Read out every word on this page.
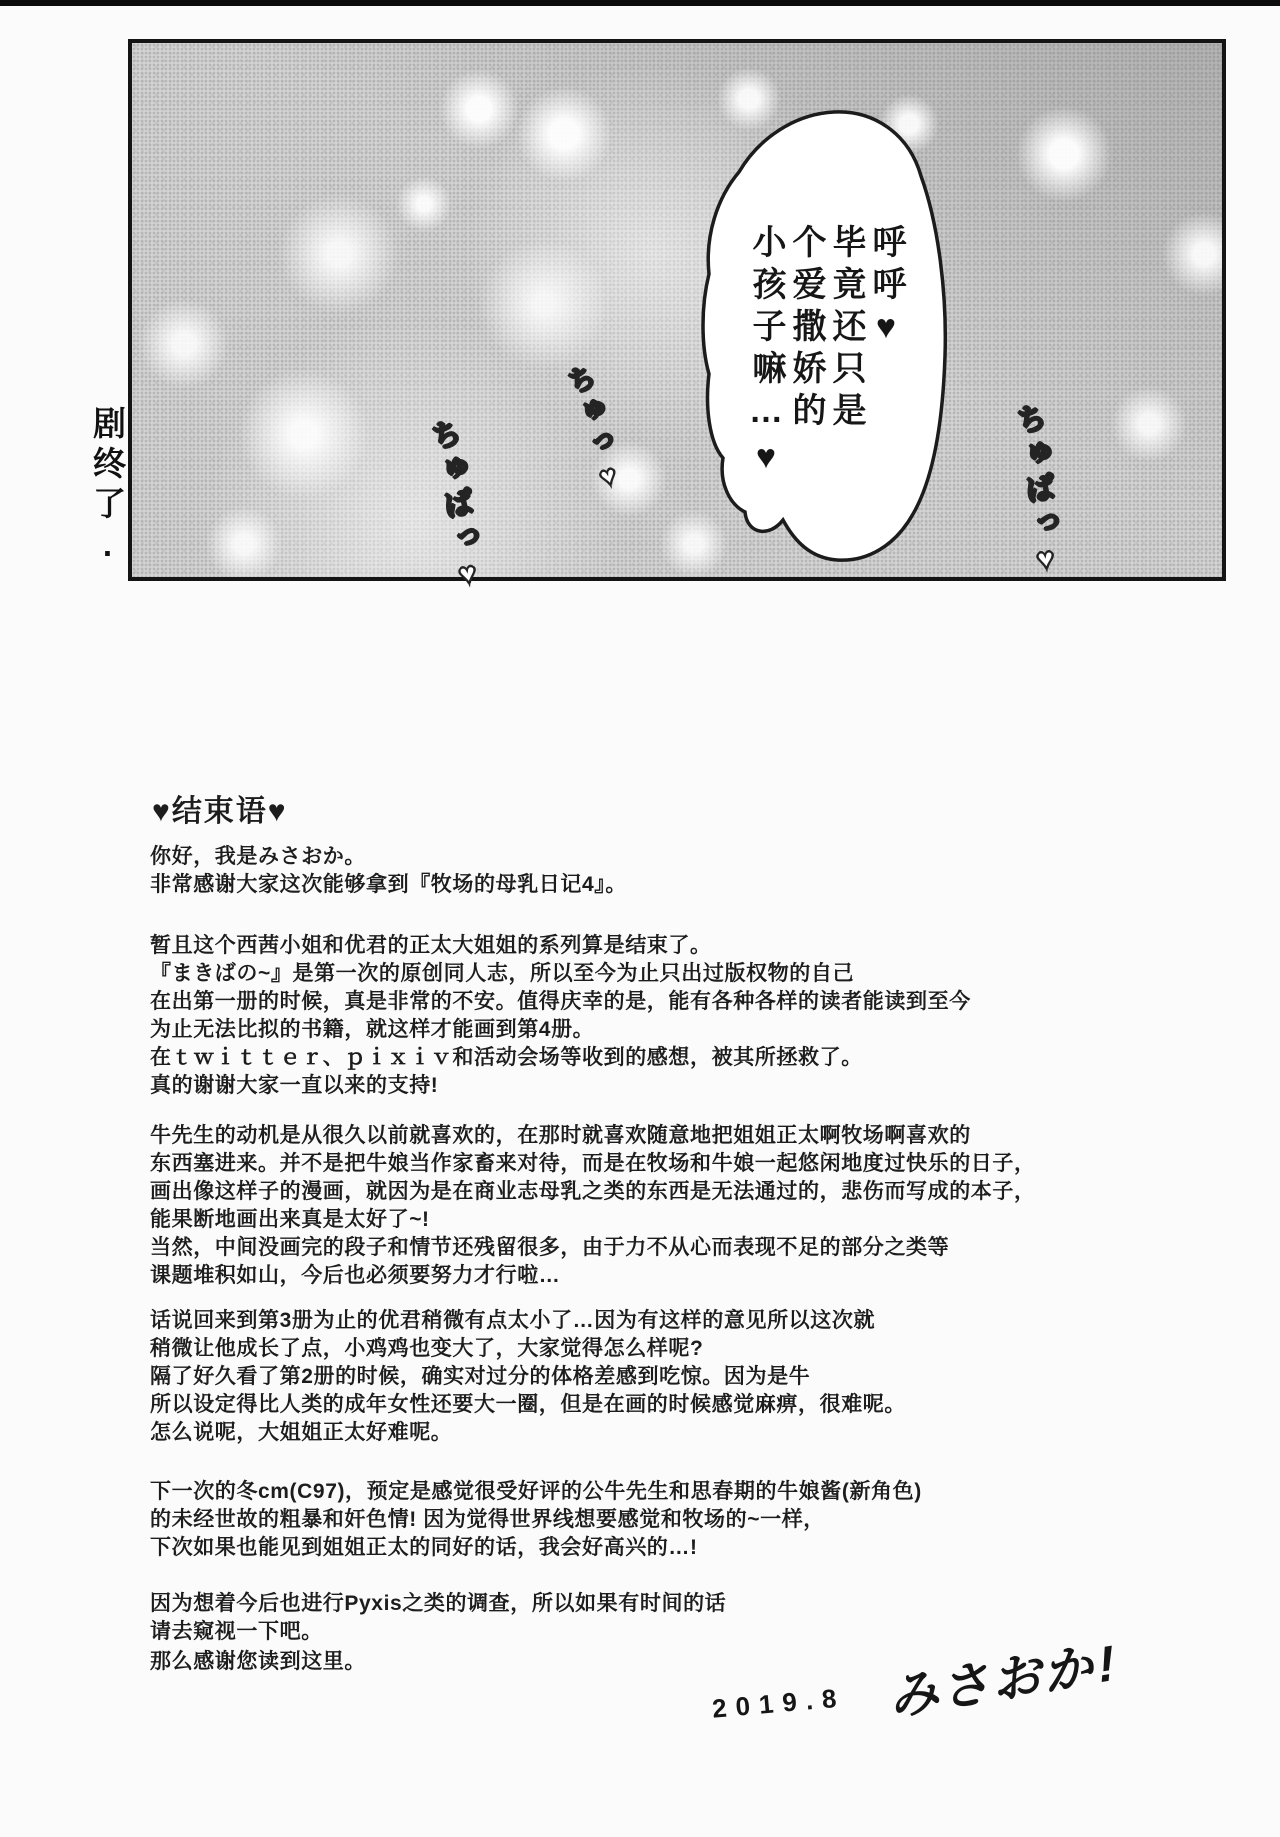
呼呼♥
毕竟还只是
个爱撒娇的
小孩子嘛…♥
ちゅっ♥
ちゅぱっ♥	ちゅぱっ♥
剧终了.
♥结束语♥
你好，我是みさおか。
非常感谢大家这次能够拿到『牧场的母乳日记4』。
暂且这个西茜小姐和优君的正太大姐姐的系列算是结束了。
『まきばの~』是第一次的原创同人志，所以至今为止只出过版权物的自己
在出第一册的时候，真是非常的不安。值得庆幸的是，能有各种各样的读者能读到至今
为止无法比拟的书籍，就这样才能画到第4册。
在ｔｗｉｔｔｅｒ、ｐｉｘｉｖ和活动会场等收到的感想，被其所拯救了。
真的谢谢大家一直以来的支持!
牛先生的动机是从很久以前就喜欢的，在那时就喜欢随意地把姐姐正太啊牧场啊喜欢的
东西塞进来。并不是把牛娘当作家畜来对待，而是在牧场和牛娘一起悠闲地度过快乐的日子，
画出像这样子的漫画，就因为是在商业志母乳之类的东西是无法通过的，悲伤而写成的本子，
能果断地画出来真是太好了~!
当然，中间没画完的段子和情节还残留很多，由于力不从心而表现不足的部分之类等
课题堆积如山，今后也必须要努力才行啦…
话说回来到第3册为止的优君稍微有点太小了…因为有这样的意见所以这次就
稍微让他成长了点，小鸡鸡也变大了，大家觉得怎么样呢?
隔了好久看了第2册的时候，确实对过分的体格差感到吃惊。因为是牛
所以设定得比人类的成年女性还要大一圈，但是在画的时候感觉麻痹，很难呢。
怎么说呢，大姐姐正太好难呢。
下一次的冬cm(C97)，预定是感觉很受好评的公牛先生和思春期的牛娘酱(新角色)
的未经世故的粗暴和奸色情! 因为觉得世界线想要感觉和牧场的~一样，
下次如果也能见到姐姐正太的同好的话，我会好高兴的…!
因为想着今后也进行Pyxis之类的调查，所以如果有时间的话
请去窥视一下吧。
那么感谢您读到这里。
2019.8 みさおか!
